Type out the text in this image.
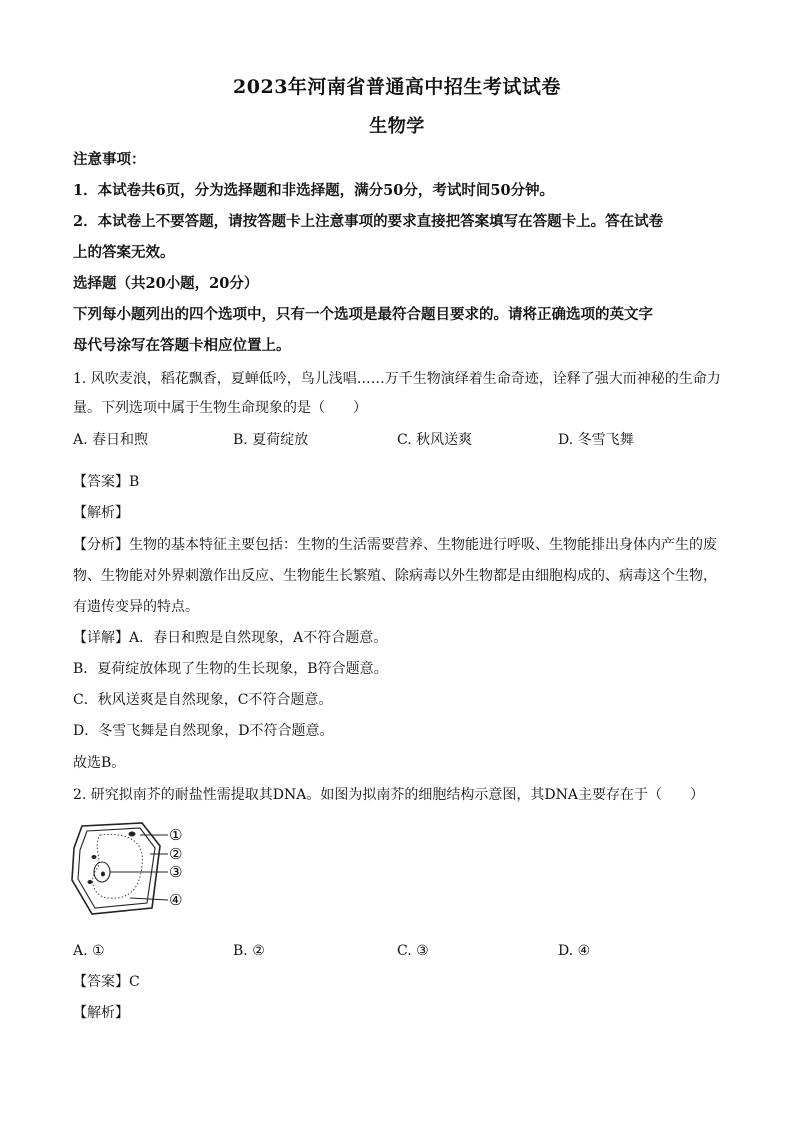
2023年河南省普通高中招生考试试卷
生物学
注意事项：
1．本试卷共6页，分为选择题和非选择题，满分50分，考试时间50分钟。
2．本试卷上不要答题，请按答题卡上注意事项的要求直接把答案填写在答题卡上。答在试卷
上的答案无效。
选择题（共20小题，20分）
下列每小题列出的四个选项中，只有一个选项是最符合题目要求的。请将正确选项的英文字
母代号涂写在答题卡相应位置上。
1. 风吹麦浪，稻花飘香，夏蝉低吟，鸟儿浅唱……万千生物演绎着生命奇迹，诠释了强大而神秘的生命力
量。下列选项中属于生物生命现象的是（　　）
A. 春日和煦	B. 夏荷绽放	C. 秋风送爽	D. 冬雪飞舞
【答案】B
【解析】
【分析】生物的基本特征主要包括：生物的生活需要营养、生物能进行呼吸、生物能排出身体内产生的废
物、生物能对外界刺激作出反应、生物能生长繁殖、除病毒以外生物都是由细胞构成的、病毒这个生物，
有遗传变异的特点。
【详解】A．春日和煦是自然现象，A不符合题意。
B．夏荷绽放体现了生物的生长现象，B符合题意。
C．秋风送爽是自然现象，C不符合题意。
D．冬雪飞舞是自然现象，D不符合题意。
故选B。
2. 研究拟南芥的耐盐性需提取其DNA。如图为拟南芥的细胞结构示意图，其DNA主要存在于（　　）
①
②
③
④
A. ①	B. ②	C. ③	D. ④
【答案】C
【解析】
